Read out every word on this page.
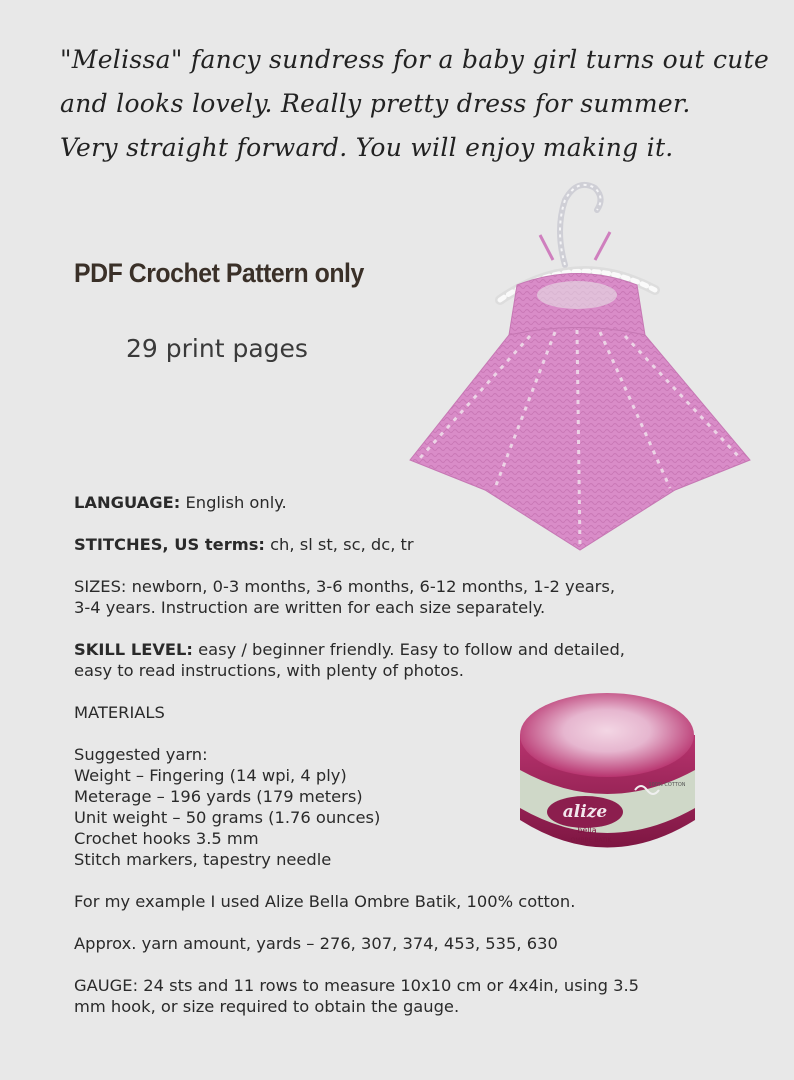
"Melissa" fancy sundress for a baby girl turns out cute
and looks lovely. Really pretty dress for summer.
Very straight forward. You will enjoy making it.
PDF Crochet Pattern only
29 print pages

LANGUAGE: English only.

STITCHES, US terms: ch, sl st, sc, dc, tr

SIZES: newborn, 0-3 months, 3-6 months, 6-12 months, 1-2 years,

3-4 years. Instruction are written for each size separately.

SKILL LEVEL: easy / beginner friendly. Easy to follow and detailed,

easy to read instructions, with plenty of photos.

MATERIALS

Suggested yarn:

Weight – Fingering (14 wpi, 4 ply)

Meterage – 196 yards (179 meters)

Unit weight – 50 grams (1.76 ounces)

Crochet hooks 3.5 mm

Stitch markers, tapestry needle

For my example I used Alize Bella Ombre Batik, 100% cotton.

Approx. yarn amount, yards – 276, 307, 374, 453, 535, 630

GAUGE: 24 sts and 11 rows to measure 10x10 cm or 4x4in, using 3.5

mm hook, or size required to obtain the gauge.

alize
bella
OMBRE BATIK
100% COTTON
